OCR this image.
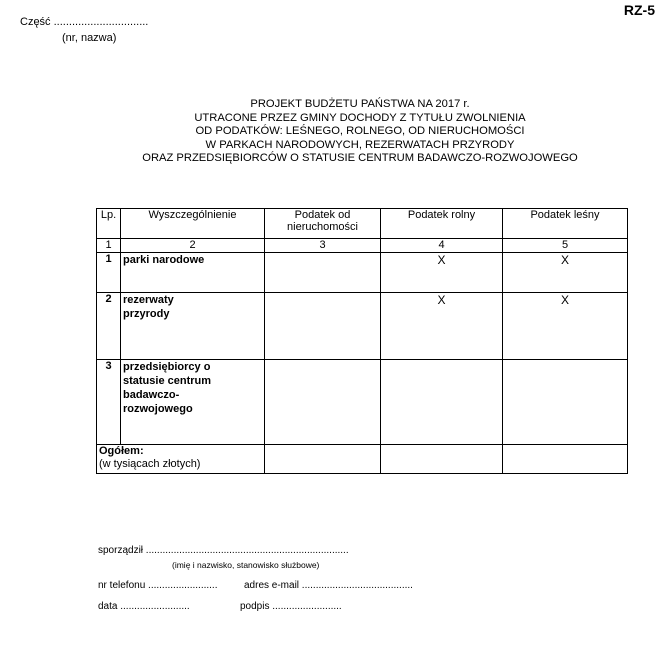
Część ...............................
(nr, nazwa)
RZ-5
PROJEKT BUDŻETU PAŃSTWA NA 2017 r.
UTRACONE PRZEZ GMINY DOCHODY Z TYTUŁU ZWOLNIENIA
OD PODATKÓW: LEŚNEGO, ROLNEGO, OD NIERUCHOMOŚCI
W PARKACH NARODOWYCH, REZERWATACH PRZYRODY
ORAZ PRZEDSIĘBIORCÓW O STATUSIE CENTRUM BADAWCZO-ROZWOJOWEGO
Lp.	Wyszczególnienie	Podatek od nieruchomości	Podatek rolny	Podatek leśny
1	2	3	4	5
1	parki narodowe		X	X
2	rezerwaty przyrody		X	X
3	przedsiębiorcy o statusie centrum badawczo-rozwojowego			

Ogółem:
(w tysiącach złotych)				

sporządził .........................................................................
(imię i nazwisko, stanowisko służbowe)
nr telefonu .........................	adres e-mail ........................................
data .........................	podpis .........................
